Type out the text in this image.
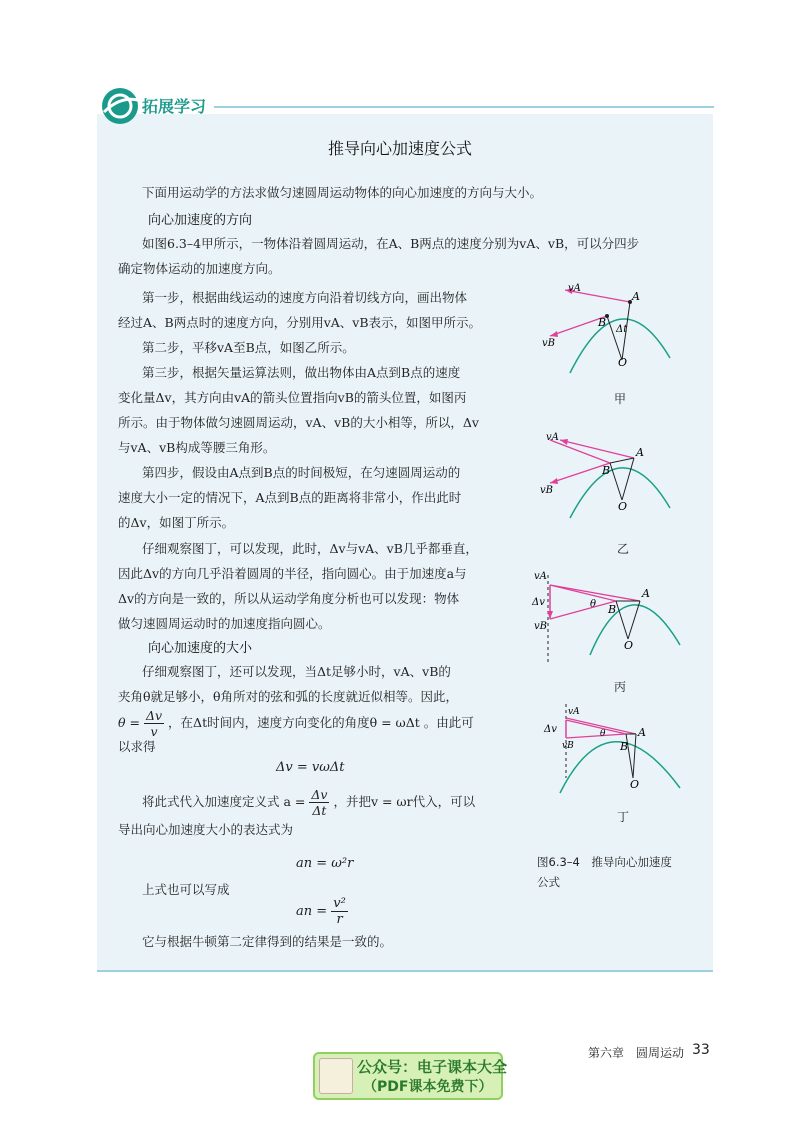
拓展学习
推导向心加速度公式
下面用运动学的方法求做匀速圆周运动物体的向心加速度的方向与大小。
向心加速度的方向
如图6.3–4甲所示，一物体沿着圆周运动，在A、B两点的速度分别为vA、vB，可以分四步
确定物体运动的加速度方向。
第一步，根据曲线运动的速度方向沿着切线方向，画出物体
经过A、B两点时的速度方向，分别用vA、vB表示，如图甲所示。
第二步，平移vA至B点，如图乙所示。
第三步，根据矢量运算法则，做出物体由A点到B点的速度
变化量Δv，其方向由vA的箭头位置指向vB的箭头位置，如图丙
所示。由于物体做匀速圆周运动，vA、vB的大小相等，所以，Δv
与vA、vB构成等腰三角形。
第四步，假设由A点到B点的时间极短，在匀速圆周运动的
速度大小一定的情况下，A点到B点的距离将非常小，作出此时
的Δv，如图丁所示。
仔细观察图丁，可以发现，此时，Δv与vA、vB几乎都垂直，
因此Δv的方向几乎沿着圆周的半径，指向圆心。由于加速度a与
Δv的方向是一致的，所以从运动学角度分析也可以发现：物体
做匀速圆周运动时的加速度指向圆心。
向心加速度的大小
仔细观察图丁，还可以发现，当Δt足够小时，vA、vB的
夹角θ就足够小，θ角所对的弦和弧的长度就近似相等。因此，
$\theta = \frac{\Delta v}{v}$ ，在Δt时间内，速度方向变化的角度θ = ωΔt 。由此可
以求得
Δv = vωΔt
将此式代入加速度定义式 $a = \frac{\Delta v}{\Delta t}$ ，并把v = ωr代入，可以
导出向心加速度大小的表达式为
an = ω²r
上式也可以写成
an = $\frac{\text{v²}}{r}$
它与根据牛顿第二定律得到的结果是一致的。
vA
A
B
Δt
O
vB
甲
vA
A
B
O
vB
乙
vA
Δv	θ
A
B
O
vB
丙
vA
Δv	θ	A
B
O
vB
丁
图6.3–4　推导向心加速度
公式
第六章　圆周运动 33
公众号：电子课本大全
（PDF课本免费下）
